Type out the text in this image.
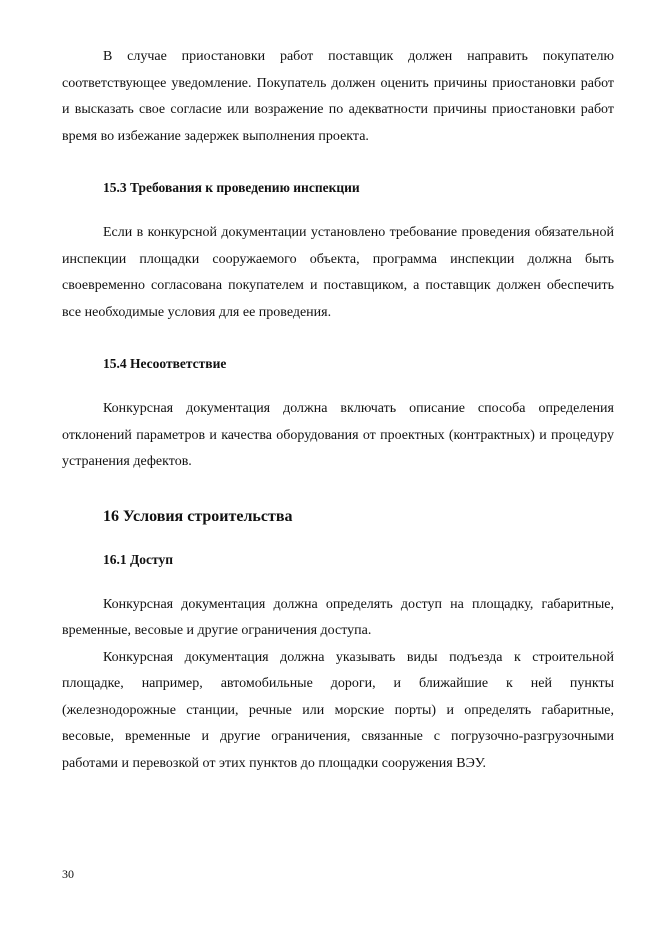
В случае приостановки работ поставщик должен направить покупателю соответствующее уведомление. Покупатель должен оценить причины приостановки работ и высказать свое согласие или возражение по адекватности причины приостановки работ время во избежание задержек выполнения проекта.

15.3 Требования к проведению инспекции

Если в конкурсной документации установлено требование проведения обязательной инспекции площадки сооружаемого объекта, программа инспекции должна быть своевременно согласована покупателем и поставщиком, а поставщик должен обеспечить все необходимые условия для ее проведения.

15.4 Несоответствие

Конкурсная документация должна включать описание способа определения отклонений параметров и качества оборудования от проектных (контрактных) и процедуру устранения дефектов.

16 Условия строительства
16.1 Доступ

Конкурсная документация должна определять доступ на площадку, габаритные, временные, весовые и другие ограничения доступа.

Конкурсная документация должна указывать виды подъезда к строительной площадке, например, автомобильные дороги, и ближайшие к ней пункты (железнодорожные станции, речные или морские порты) и определять габаритные, весовые, временные и другие ограничения, связанные с погрузочно-разгрузочными работами и перевозкой от этих пунктов до площадки сооружения ВЭУ.

30
